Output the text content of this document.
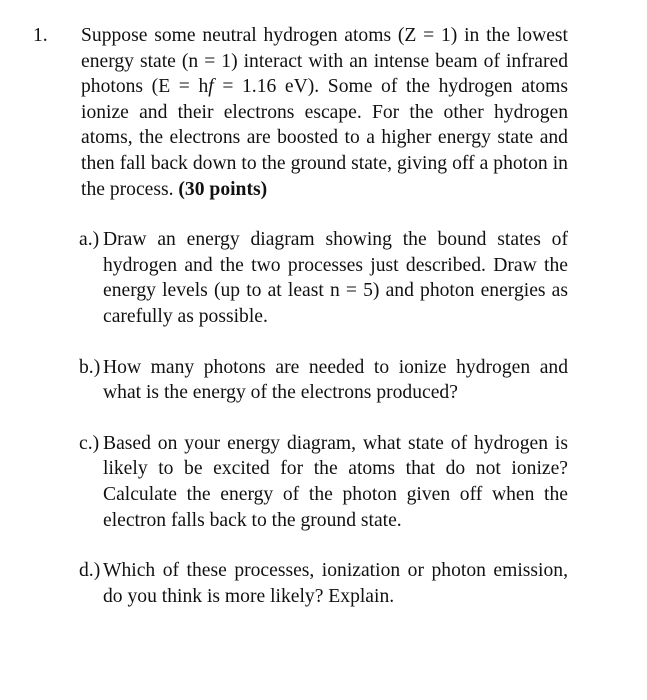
1. Suppose some neutral hydrogen atoms (Z = 1) in the lowest energy state (n = 1) interact with an intense beam of infrared photons (E = hf = 1.16 eV). Some of the hydrogen atoms ionize and their electrons escape. For the other hydrogen atoms, the electrons are boosted to a higher energy state and then fall back down to the ground state, giving off a photon in the process. (30 points)
a.) Draw an energy diagram showing the bound states of hydrogen and the two processes just described. Draw the energy levels (up to at least n = 5) and photon energies as carefully as possible.
b.) How many photons are needed to ionize hydrogen and what is the energy of the electrons produced?
c.) Based on your energy diagram, what state of hydrogen is likely to be excited for the atoms that do not ionize? Calculate the energy of the photon given off when the electron falls back to the ground state.
d.) Which of these processes, ionization or photon emission, do you think is more likely? Explain.
